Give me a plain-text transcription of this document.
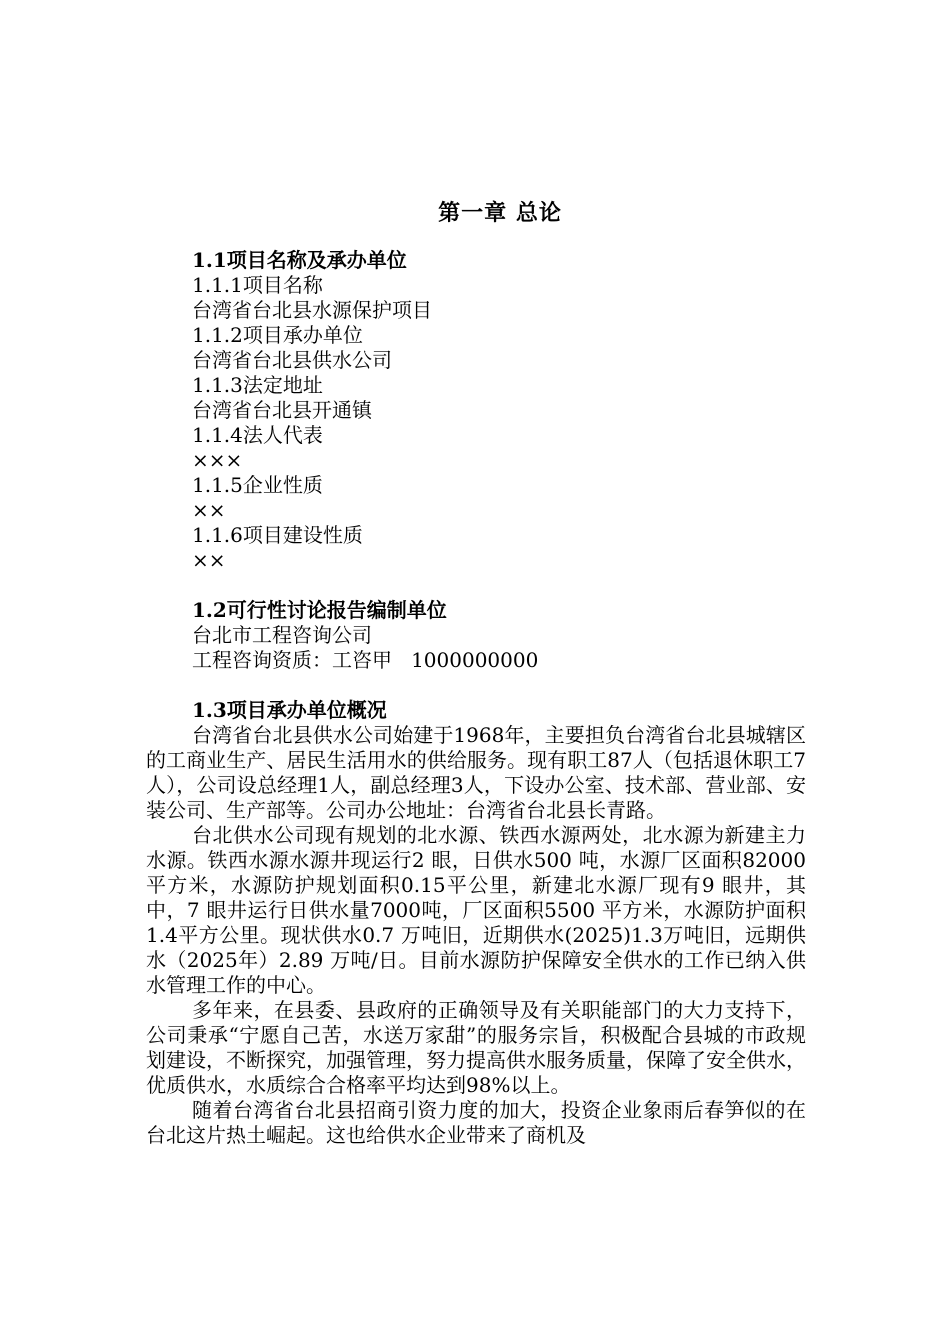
第一章 总论
1.1项目名称及承办单位
1.1.1项目名称
台湾省台北县水源保护项目
1.1.2项目承办单位
台湾省台北县供水公司
1.1.3法定地址
台湾省台北县开通镇
1.1.4法人代表
×××
1.1.5企业性质
××
1.1.6项目建设性质
××
1.2可行性讨论报告编制单位
台北市工程咨询公司
工程咨询资质：工咨甲   1000000000
1.3项目承办单位概况

台湾省台北县供水公司始建于1968年，主要担负台湾省台北县城辖区的工商业生产、居民生活用水的供给服务。现有职工87人（包括退休职工7人），公司设总经理1人，副总经理3人，下设办公室、技术部、营业部、安装公司、生产部等。公司办公地址：台湾省台北县长青路。

台北供水公司现有规划的北水源、铁西水源两处，北水源为新建主力水源。铁西水源水源井现运行2 眼，日供水500 吨，水源厂区面积82000 平方米，水源防护规划面积0.15平公里，新建北水源厂现有9 眼井，其中，7 眼井运行日供水量7000吨，厂区面积5500 平方米，水源防护面积1.4平方公里。现状供水0.7 万吨旧，近期供水(2025)1.3万吨旧，远期供水（2025年）2.89 万吨/日。目前水源防护保障安全供水的工作已纳入供水管理工作的中心。

多年来，在县委、县政府的正确领导及有关职能部门的大力支持下，公司秉承“宁愿自己苦，水送万家甜”的服务宗旨，积极配合县城的市政规划建设，不断探究，加强管理，努力提高供水服务质量，保障了安全供水，优质供水，水质综合合格率平均达到98%以上。

随着台湾省台北县招商引资力度的加大，投资企业象雨后春笋似的在台北这片热土崛起。这也给供水企业带来了商机及
